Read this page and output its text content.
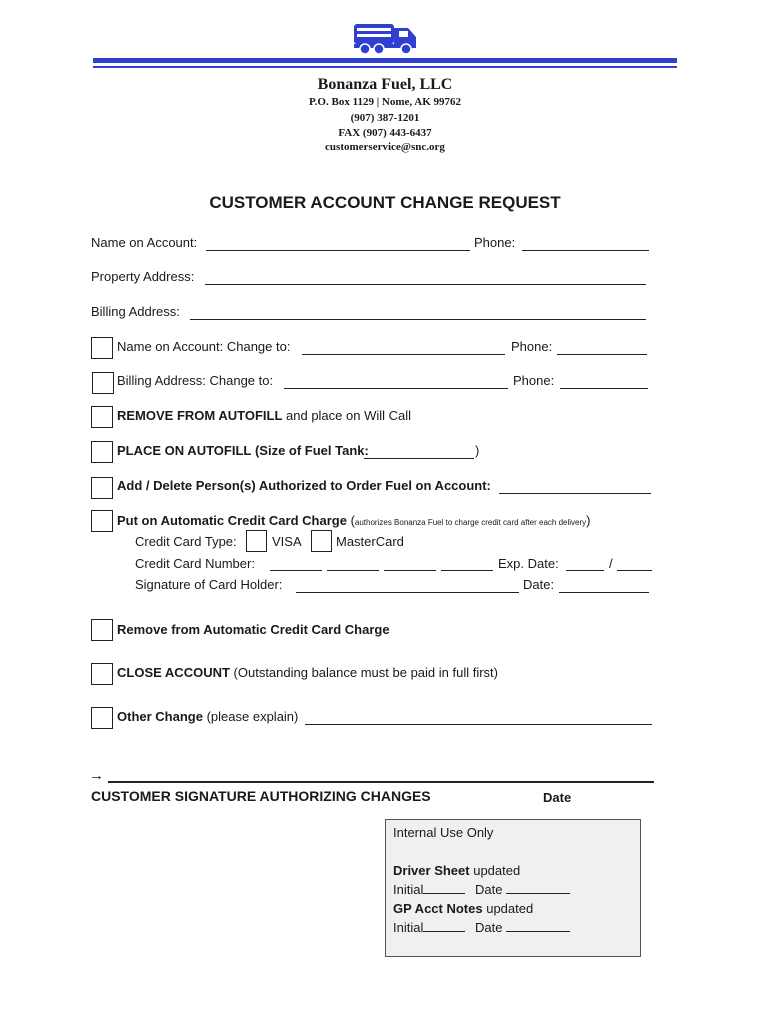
Bonanza Fuel, LLC
P.O. Box 1129 | Nome, AK 99762
(907) 387-1201
FAX (907) 443-6437
customerservice@snc.org
CUSTOMER ACCOUNT CHANGE REQUEST
Name on Account:	Phone:
Property Address:
Billing Address:
Name on Account: Change to:	Phone:
Billing Address: Change to:	Phone:
REMOVE FROM AUTOFILL and place on Will Call
PLACE ON AUTOFILL (Size of Fuel Tank:	)
Add / Delete Person(s) Authorized to Order Fuel on Account:
Put on Automatic Credit Card Charge (authorizes Bonanza Fuel to charge credit card after each delivery)
Credit Card Type:	VISA	MasterCard
Credit Card Number:	Exp. Date:	/
Signature of Card Holder:	Date:
Remove from Automatic Credit Card Charge
CLOSE ACCOUNT (Outstanding balance must be paid in full first)
Other Change (please explain)
→
CUSTOMER SIGNATURE AUTHORIZING CHANGES	Date
Internal Use Only
Driver Sheet updated
Initial	Date
GP Acct Notes updated
Initial	Date
